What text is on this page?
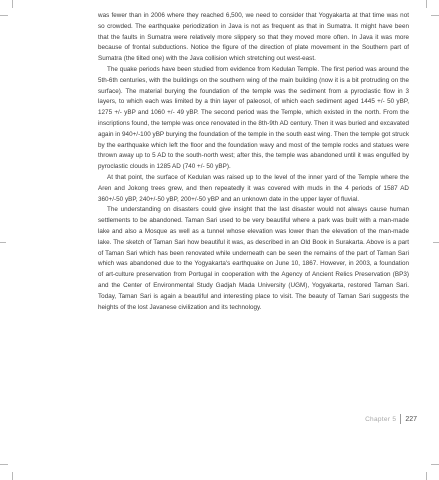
was fewer than in 2006 where they reached 6,500, we need to consider that Yogyakarta at that time was not so crowded. The earthquake periodization in Java is not as frequent as that in Sumatra. It might have been that the faults in Sumatra were relatively more slippery so that they moved more often. In Java it was more because of frontal subductions. Notice the figure of the direction of plate movement in the Southern part of Sumatra (the tilted one) with the Java collision which stretching out west-east.

The quake periods have been studied from evidence from Kedulan Temple. The first period was around the 5th-6th centuries, with the buildings on the southern wing of the main building (now it is a bit protruding on the surface). The material burying the foundation of the temple was the sediment from a pyroclastic flow in 3 layers, to which each was limited by a thin layer of paleosol, of which each sediment aged 1445 +/- 50 yBP, 1275 +/- yBP and 1060 +/- 49 yBP. The second period was the Temple, which existed in the north. From the inscriptions found, the temple was once renovated in the 8th-9th AD century. Then it was buried and excavated again in 940+/-100 yBP burying the foundation of the temple in the south east wing. Then the temple got struck by the earthquake which left the floor and the foundation wavy and most of the temple rocks and statues were thrown away up to 5 AD to the south-north west; after this, the temple was abandoned until it was engulfed by pyroclastic clouds in 1285 AD (740 +/- 50 yBP).

At that point, the surface of Kedulan was raised up to the level of the inner yard of the Temple where the Aren and Jokong trees grew, and then repeatedly it was covered with muds in the 4 periods of 1587 AD 360+/-50 yBP, 240+/-50 yBP, 200+/-50 yBP and an unknown date in the upper layer of fluvial.

The understanding on disasters could give insight that the last disaster would not always cause human settlements to be abandoned. Taman Sari used to be very beautiful where a park was built with a man-made lake and also a Mosque as well as a tunnel whose elevation was lower than the elevation of the man-made lake. The sketch of Taman Sari how beautiful it was, as described in an Old Book in Surakarta. Above is a part of Taman Sari which has been renovated while underneath can be seen the remains of the part of Taman Sari which was abandoned due to the Yogyakarta's earthquake on June 10, 1867. However, in 2003, a foundation of art-culture preservation from Portugal in cooperation with the Agency of Ancient Relics Preservation (BP3) and the Center of Environmental Study Gadjah Mada University (UGM), Yogyakarta, restored Taman Sari. Today, Taman Sari is again a beautiful and interesting place to visit. The beauty of Taman Sari suggests the heights of the lost Javanese civilization and its technology.

Chapter 5 227
